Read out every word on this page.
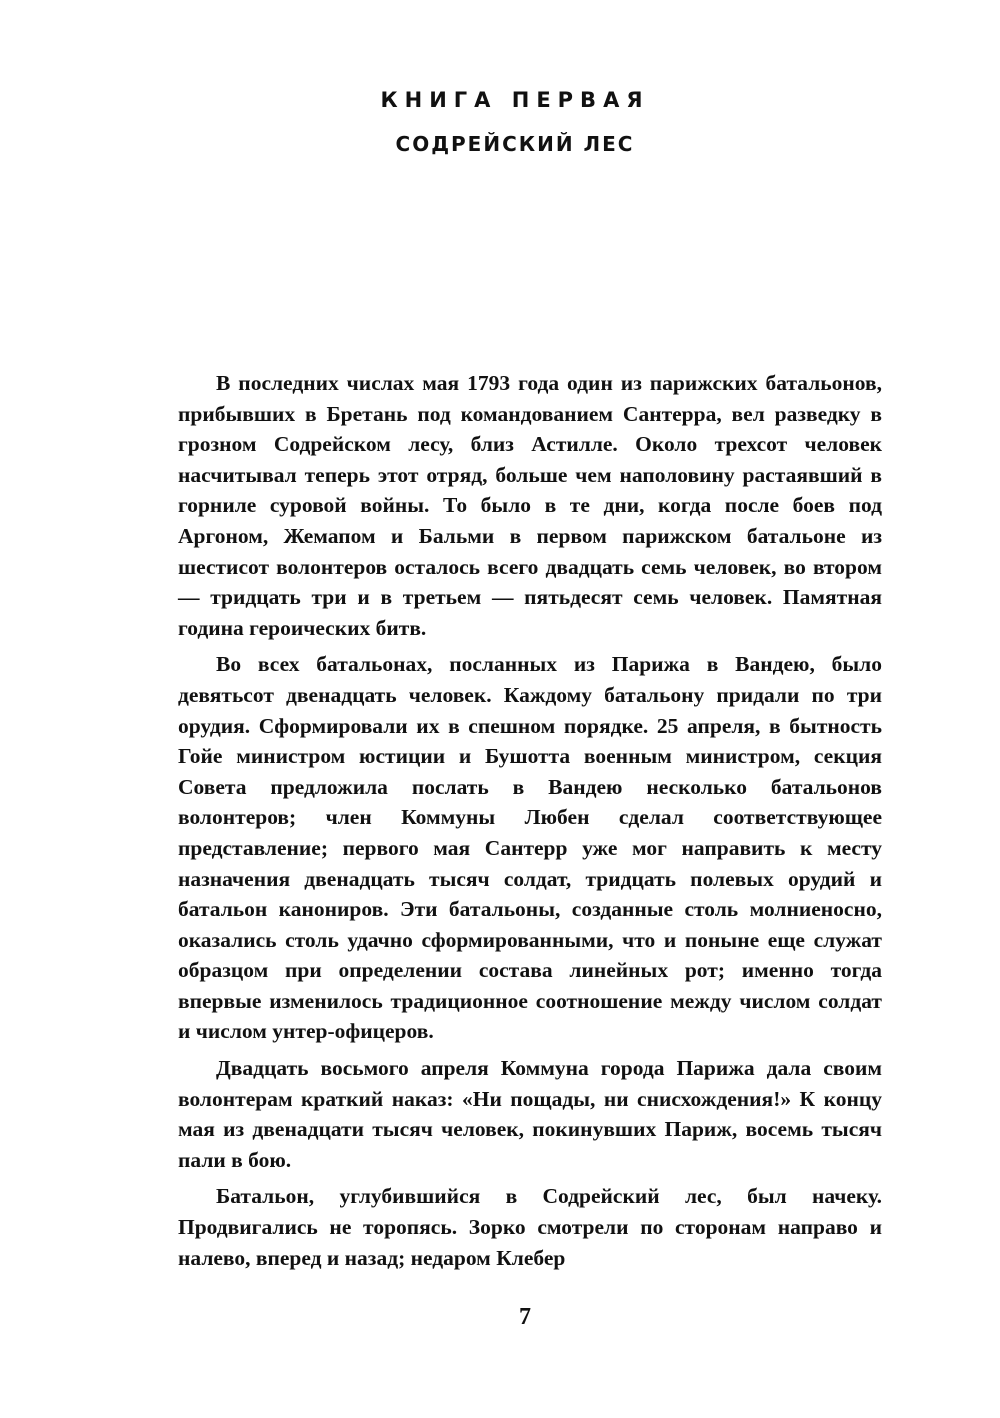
КНИГА ПЕРВАЯ
СОДРЕЙСКИЙ ЛЕС

В последних числах мая 1793 года один из парижских батальонов, прибывших в Бретань под командованием Сантерра, вел разведку в грозном Содрейском лесу, близ Астилле. Около трехсот человек насчитывал теперь этот отряд, больше чем наполовину растаявший в горниле суровой войны. То было в те дни, когда после боев под Аргоном, Жемапом и Бальми в первом парижском батальоне из шестисот волонтеров осталось всего двадцать семь человек, во втором — тридцать три и в третьем — пятьдесят семь человек. Памятная година героических битв.

Во всех батальонах, посланных из Парижа в Вандею, было девятьсот двенадцать человек. Каждому батальону придали по три орудия. Сформировали их в спешном порядке. 25 апреля, в бытность Гойе министром юстиции и Бушотта военным министром, секция Совета предложила послать в Вандею несколько батальонов волонтеров; член Коммуны Любен сделал соответствующее представление; первого мая Сантерр уже мог направить к месту назначения двенадцать тысяч солдат, тридцать полевых орудий и батальон канониров. Эти батальоны, созданные столь молниеносно, оказались столь удачно сформированными, что и поныне еще служат образцом при определении состава линейных рот; именно тогда впервые изменилось традиционное соотношение между числом солдат и числом унтер-офицеров.

Двадцать восьмого апреля Коммуна города Парижа дала своим волонтерам краткий наказ: «Ни пощады, ни снисхождения!» К концу мая из двенадцати тысяч человек, покинувших Париж, восемь тысяч пали в бою.

Батальон, углубившийся в Содрейский лес, был начеку. Продвигались не торопясь. Зорко смотрели по сторонам направо и налево, вперед и назад; недаром Клебер

7
